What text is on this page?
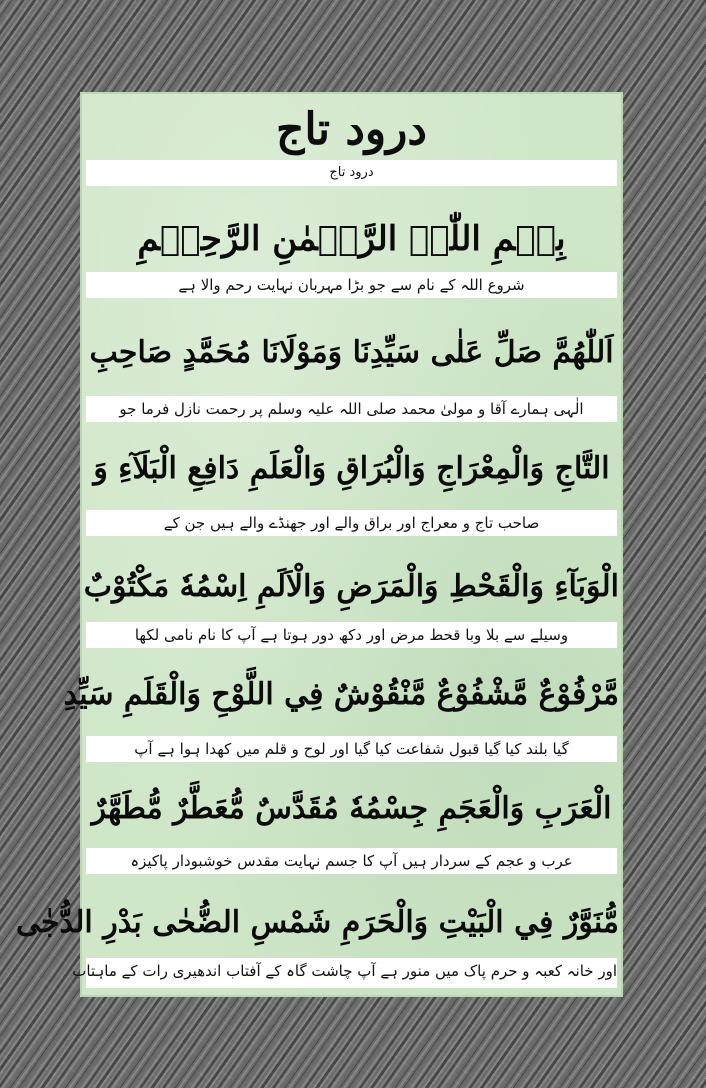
درود تاج
درود تاج
بِسۡمِ اللّٰہِ الرَّحۡمٰنِ الرَّحِیۡمِ
شروع اللہ کے نام سے جو بڑا مہربان نہایت رحم والا ہے
اَللّٰهُمَّ صَلِّ عَلٰى سَيِّدِنَا وَمَوْلَانَا مُحَمَّدٍ صَاحِبِ
الٰہی ہمارے آقا و مولیٰ محمد صلی اللہ علیہ وسلم پر رحمت نازل فرما جو
التَّاجِ وَالْمِعْرَاجِ وَالْبُرَاقِ وَالْعَلَمِ دَافِعِ الْبَلَآءِ وَ
صاحب تاج و معراج اور براق والے اور جھنڈے والے ہیں جن کے
الْوَبَآءِ وَالْقَحْطِ وَالْمَرَضِ وَالْاَلَمِ اِسْمُهٗ مَكْتُوْبٌ
وسیلے سے بلا وبا قحط مرض اور دکھ دور ہوتا ہے آپ کا نام نامی لکھا
مَّرْفُوْعٌ مَّشْفُوْعٌ مَّنْقُوْشٌ فِي اللَّوْحِ وَالْقَلَمِ سَيِّدِ
گیا بلند کیا گیا قبول شفاعت کیا گیا اور لوح و قلم میں کھدا ہوا ہے آپ
الْعَرَبِ وَالْعَجَمِ جِسْمُهٗ مُقَدَّسٌ مُّعَطَّرٌ مُّطَهَّرٌ
عرب و عجم کے سردار ہیں آپ کا جسم نہایت مقدس خوشبودار پاکیزہ
مُّنَوَّرٌ فِي الْبَيْتِ وَالْحَرَمِ شَمْسِ الضُّحٰى بَدْرِ الدُّجٰى
اور خانہ کعبہ و حرم پاک میں منور ہے آپ چاشت گاہ کے آفتاب اندھیری رات کے ماہتاب
